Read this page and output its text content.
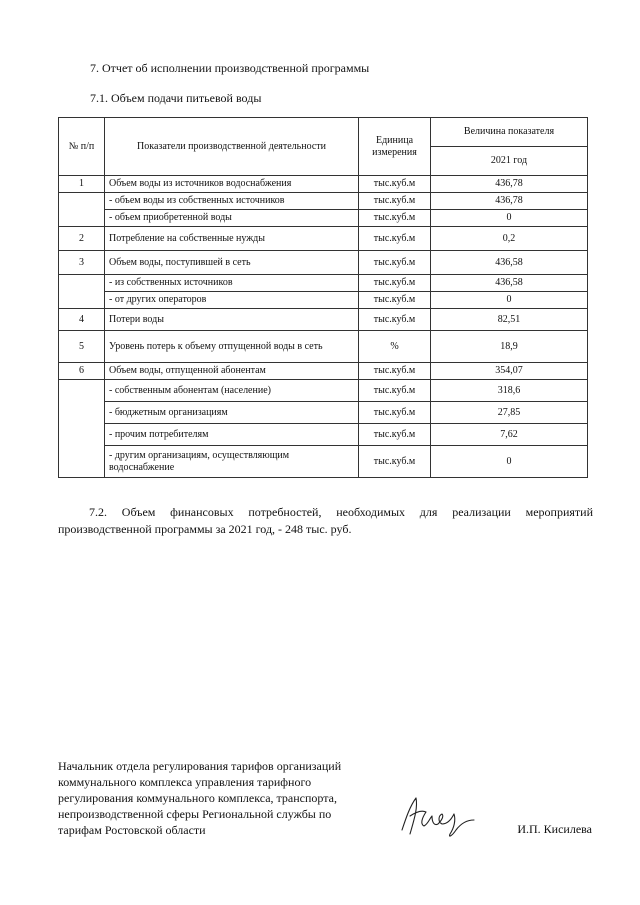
7. Отчет об исполнении производственной программы
7.1. Объем подачи питьевой воды
№ п/п	Показатели производственной деятельности	Единица измерения	Величина показателя
			2021 год
1	Объем воды из источников водоснабжения	тыс.куб.м	436,78
	- объем воды из собственных источников	тыс.куб.м	436,78
	- объем приобретенной воды	тыс.куб.м	0
2	Потребление на собственные нужды	тыс.куб.м	0,2
3	Объем воды, поступившей в сеть	тыс.куб.м	436,58
	- из собственных источников	тыс.куб.м	436,58
	- от других операторов	тыс.куб.м	0
4	Потери воды	тыс.куб.м	82,51
5	Уровень потерь к объему отпущенной воды в сеть	%	18,9
6	Объем воды, отпущенной абонентам	тыс.куб.м	354,07
	- собственным абонентам (население)	тыс.куб.м	318,6
	- бюджетным организациям	тыс.куб.м	27,85
	- прочим потребителям	тыс.куб.м	7,62
	- другим организациям, осуществляющим водоснабжение	тыс.куб.м	0
7.2. Объем финансовых потребностей, необходимых для реализации мероприятий производственной программы за 2021 год, - 248 тыс. руб.
Начальник отдела регулирования тарифов организаций
коммунального комплекса управления тарифного
регулирования коммунального комплекса, транспорта,
непроизводственной сферы Региональной службы по
тарифам Ростовской области	И.П. Кисилева
